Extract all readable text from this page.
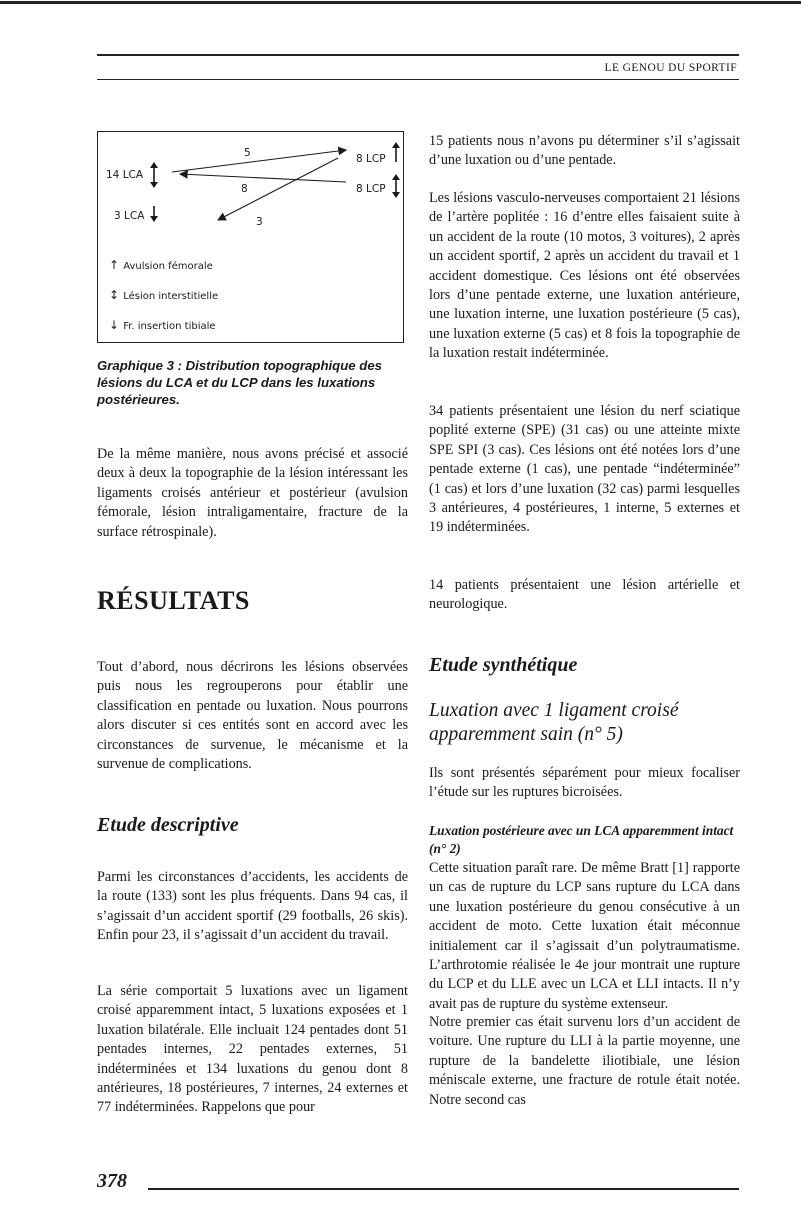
LE GENOU DU SPORTIF
14 LCA
3 LCA
8 LCP
8 LCP
5
8
3
↑ Avulsion fémorale
↕ Lésion interstitielle
↓ Fr. insertion tibiale

Graphique 3 : Distribution topographique des lésions du LCA et du LCP dans les luxations postérieures.

De la même manière, nous avons précisé et associé deux à deux la topographie de la lésion intéressant les ligaments croisés antérieur et postérieur (avulsion fémorale, lésion intraligamentaire, fracture de la surface rétrospinale).

RÉSULTATS

Tout d’abord, nous décrirons les lésions observées puis nous les regrouperons pour établir une classification en pentade ou luxation. Nous pourrons alors discuter si ces entités sont en accord avec les circonstances de survenue, le mécanisme et la survenue de complications.

Etude descriptive

Parmi les circonstances d’accidents, les accidents de la route (133) sont les plus fréquents. Dans 94 cas, il s’agissait d’un accident sportif (29 footballs, 26 skis). Enfin pour 23, il s’agissait d’un accident du travail.

La série comportait 5 luxations avec un ligament croisé apparemment intact, 5 luxations exposées et 1 luxation bilatérale. Elle incluait 124 pentades dont 51 pentades internes, 22 pentades externes, 51 indéterminées et 134 luxations du genou dont 8 antérieures, 18 postérieures, 7 internes, 24 externes et 77 indéterminées. Rappelons que pour

15 patients nous n’avons pu déterminer s’il s’agissait d’une luxation ou d’une pentade.

Les lésions vasculo-nerveuses comportaient 21 lésions de l’artère poplitée : 16 d’entre elles faisaient suite à un accident de la route (10 motos, 3 voitures), 2 après un accident sportif, 2 après un accident du travail et 1 accident domestique. Ces lésions ont été observées lors d’une pentade externe, une luxation antérieure, une luxation interne, une luxation postérieure (5 cas), une luxation externe (5 cas) et 8 fois la topographie de la luxation restait indéterminée.

34 patients présentaient une lésion du nerf sciatique poplité externe (SPE) (31 cas) ou une atteinte mixte SPE SPI (3 cas). Ces lésions ont été notées lors d’une pentade externe (1 cas), une pentade “indéterminée” (1 cas) et lors d’une luxation (32 cas) parmi lesquelles 3 antérieures, 4 postérieures, 1 interne, 5 externes et 19 indéterminées.

14 patients présentaient une lésion artérielle et neurologique.

Etude synthétique
Luxation avec 1 ligament croisé apparemment sain (n° 5)

Ils sont présentés séparément pour mieux focaliser l’étude sur les ruptures bicroisées.

Luxation postérieure avec un LCA apparemment intact (n° 2)

Cette situation paraît rare. De même Bratt [1] rapporte un cas de rupture du LCP sans rupture du LCA dans une luxation postérieure du genou consécutive à un accident de moto. Cette luxation était méconnue initialement car il s’agissait d’un polytraumatisme. L’arthrotomie réalisée le 4e jour montrait une rupture du LCP et du LLE avec un LCA et LLI intacts. Il n’y avait pas de rupture du système extenseur.

Notre premier cas était survenu lors d’un accident de voiture. Une rupture du LLI à la partie moyenne, une rupture de la bandelette iliotibiale, une lésion méniscale externe, une fracture de rotule était notée. Notre second cas

378
